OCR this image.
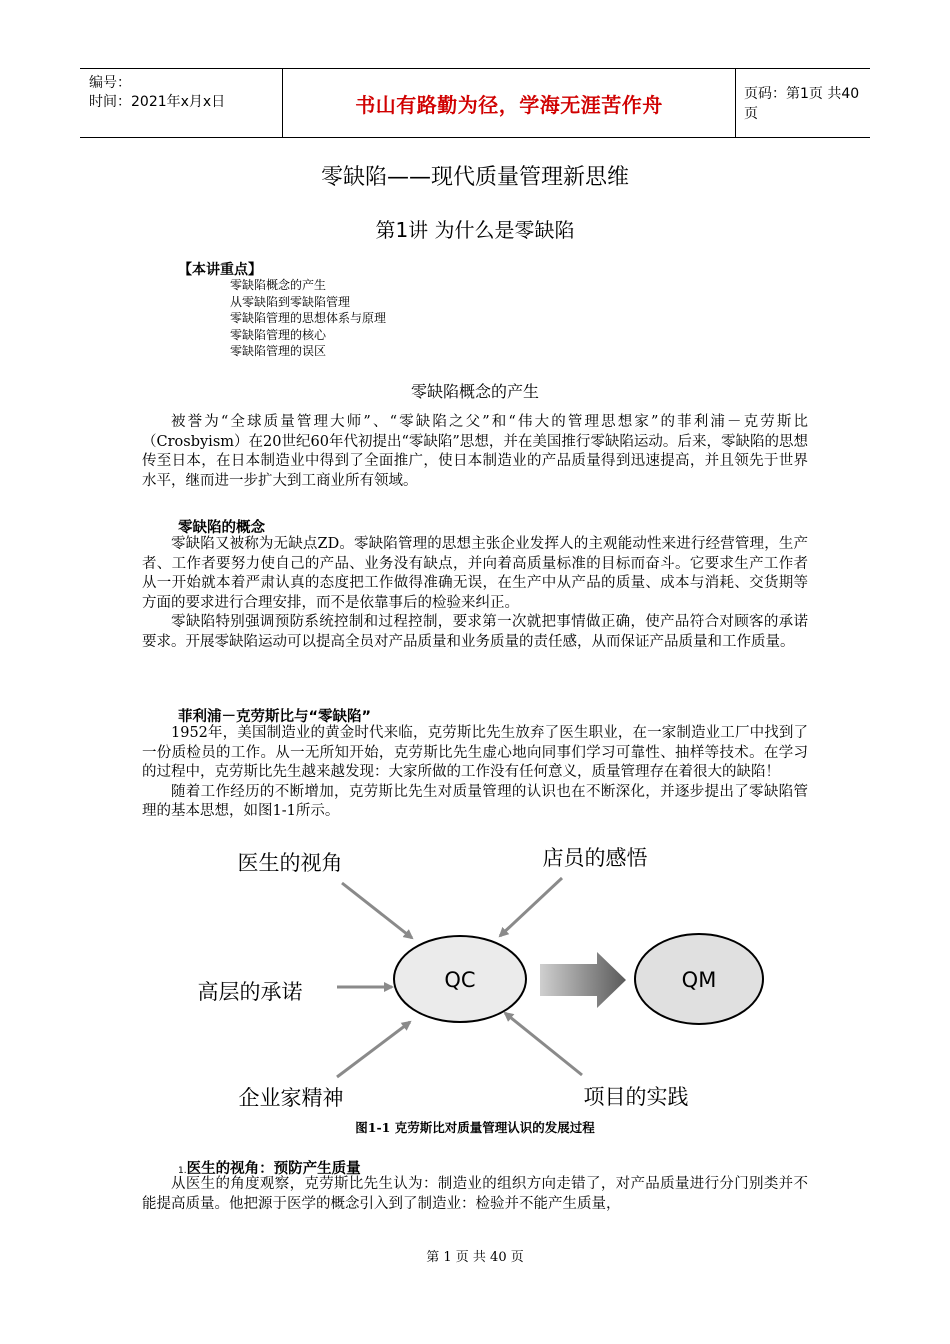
编号：
时间：2021年x月x日	书山有路勤为径，学海无涯苦作舟	页码：第1页 共40页
零缺陷——现代质量管理新思维
第1讲 为什么是零缺陷
【本讲重点】
零缺陷概念的产生
从零缺陷到零缺陷管理
零缺陷管理的思想体系与原理
零缺陷管理的核心
零缺陷管理的误区
零缺陷概念的产生

被誉为“全球质量管理大师”、“零缺陷之父”和“伟大的管理思想家”的菲利浦－克劳斯比（Crosbyism）在20世纪60年代初提出“零缺陷”思想，并在美国推行零缺陷运动。后来，零缺陷的思想传至日本，在日本制造业中得到了全面推广，使日本制造业的产品质量得到迅速提高，并且领先于世界水平，继而进一步扩大到工商业所有领域。

零缺陷的概念

零缺陷又被称为无缺点ZD。零缺陷管理的思想主张企业发挥人的主观能动性来进行经营管理，生产者、工作者要努力使自己的产品、业务没有缺点，并向着高质量标准的目标而奋斗。它要求生产工作者从一开始就本着严肃认真的态度把工作做得准确无误，在生产中从产品的质量、成本与消耗、交货期等方面的要求进行合理安排，而不是依靠事后的检验来纠正。

零缺陷特别强调预防系统控制和过程控制，要求第一次就把事情做正确，使产品符合对顾客的承诺要求。开展零缺陷运动可以提高全员对产品质量和业务质量的责任感，从而保证产品质量和工作质量。

菲利浦－克劳斯比与“零缺陷”

1952年，美国制造业的黄金时代来临，克劳斯比先生放弃了医生职业，在一家制造业工厂中找到了一份质检员的工作。从一无所知开始，克劳斯比先生虚心地向同事们学习可靠性、抽样等技术。在学习的过程中，克劳斯比先生越来越发现：大家所做的工作没有任何意义，质量管理存在着很大的缺陷！

随着工作经历的不断增加，克劳斯比先生对质量管理的认识也在不断深化，并逐步提出了零缺陷管理的基本思想，如图1-1所示。

医生的视角	店员的感悟
高层的承诺
企业家精神	项目的实践
QC	QM
图1-1 克劳斯比对质量管理认识的发展过程
1.医生的视角：预防产生质量

从医生的角度观察，克劳斯比先生认为：制造业的组织方向走错了，对产品质量进行分门别类并不能提高质量。他把源于医学的概念引入到了制造业：检验并不能产生质量，

第 1 页 共 40 页
